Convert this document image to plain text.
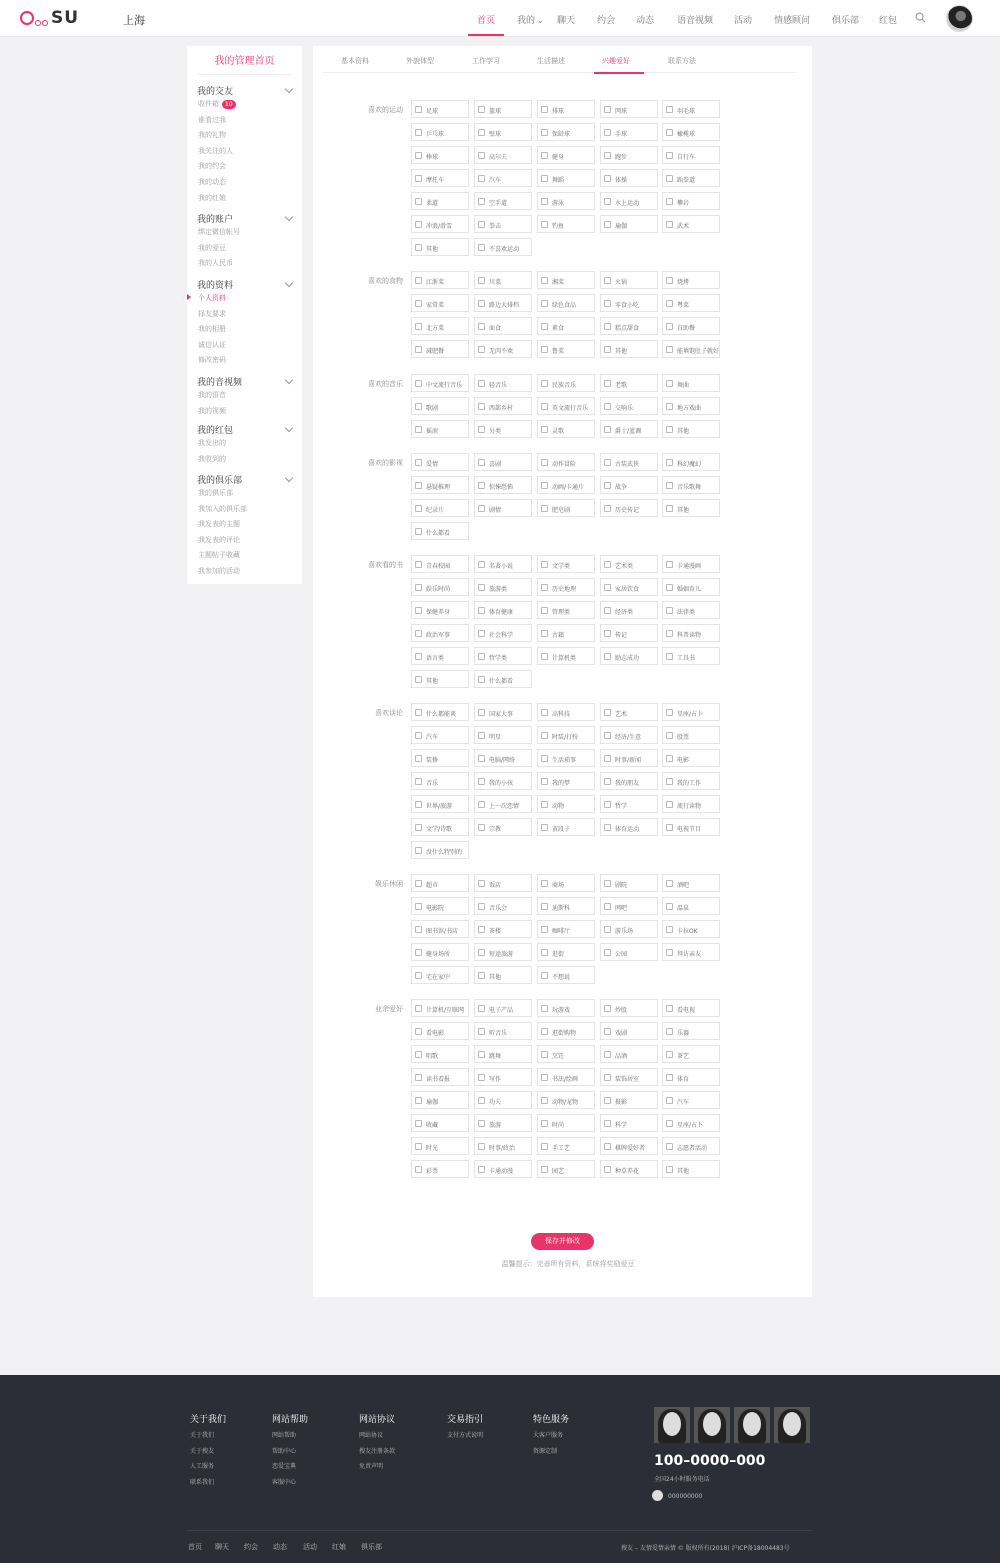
SU	上海	首页 我的 ⌄ 聊天 约会 动态	语音视频 活动 情感顾问 俱乐部 红包
我的管理首页
我的交友
收件箱 10
谁看过我
我的礼物
我关注的人
我的约会
我的动态
我的红娘
我的账户
绑定微信帐号
我的爱豆
我的人民币
我的资料
个人资料
择友要求
我的相册
诚信认证
修改密码
我的音视频
我的语音
我的视频
我的红包
我发出的
我收到的
我的俱乐部
我的俱乐部
我加入的俱乐部
我发表的主题
我发表的评论
主题帖子收藏
我参加的活动
基本资料	外貌体型	工作学习	生活描述	兴趣爱好	联系方法
喜欢的运动	足球	篮球	排球	网球	羽毛球
乒乓球	壁球	保龄球	手球	橄榄球
棒球	高尔夫	健身	跑步	自行车
摩托车	汽车	舞蹈	体操	跆拳道
柔道	空手道	游泳	水上运动	攀岩
冲浪/滑雪	拳击	钓鱼	瑜伽	武术
其他	不喜欢运动
喜欢的食物	江浙菜	川菜	湘菜	火锅	烧烤
家常菜	路边大排档	绿色食品	零食小吃	粤菜
北方菜	面食	素食	糕点甜食	自助餐
减肥餐	无肉不欢	鲁菜	其他	能填饱肚子就好
喜欢的音乐	中文流行音乐	轻音乐	民族音乐	老歌	舞曲
歌剧	西部乡村	英文流行音乐	交响乐	地方戏曲
摇滚	另类	灵歌	爵士/蓝调	其他
喜欢的影视	爱情	喜剧	动作冒险	古装武侠	科幻魔幻
悬疑推理	惊悚恐怖	动画/卡通片	战争	音乐歌舞
纪录片	剧情	肥皂剧	历史传记	其他
什么都看
喜欢看的书	青春校园	名著小说	文学类	艺术类	卡通漫画
娱乐时尚	旅游类	历史地理	家居饮食	婚姻育儿
保健养身	体育健康	管理类	经济类	法律类
政治军事	社会科学	古籍	传记	科普读物
语言类	哲学类	计算机类	励志成功	工具书
其他	什么都看
喜欢谈论	什么都能谈	国家大事	高科技	艺术	星座/占卜
汽车	明星	时装/打扮	经济/生意	股票
装修	电脑/网络	生活琐事	时事/新闻	电影
音乐	我的小孩	我的梦	我的朋友	我的工作
世界/旅游	上一次恋情	动物	哲学	流行读物
文学/诗歌	宗教	黄段子	体育运动	电视节目
没什么特别的
娱乐休闲	超市	饭店	商场	剧院	酒吧
电影院	音乐会	迪斯科	网吧	温泉
图书馆/书店	茶楼	咖啡厅	游乐场	卡拉OK
健身场所	短途旅游	逛街	公园	拜访亲友
宅在家中	其他	不想说
业余爱好	计算机/互联网	电子产品	玩游戏	炒股	看电视
看电影	听音乐	逛街购物	戏剧	乐器
唱歌	跳舞	烹饪	品酒	茶艺
读书看报	写作	书法/绘画	装饰居室	体育
瑜伽	功夫	动物/宠物	摄影	汽车
收藏	旅游	时尚	科学	星座/占卜
时光	时事/政治	手工艺	棋牌爱好者	志愿者活动
彩票	卡通动漫	园艺	种草养花	其他
保存并修改
温馨提示：完善所有资料，系统将奖励爱豆
关于我们
关于我们
关于搜友
人工服务
联系我们
网站帮助
网站帮助
帮助中心
恋爱宝典
客服中心
网站协议
网站协议
搜友注册条款
免责声明
交易指引
支付方式说明
特色服务
大客户服务
资源定制
100–0000–000
全国24小时服务电话
000000000
首页 聊天 约会 动态 活动 红娘 俱乐部	搜友 – 友情爱情亲情 © 版权所有(2018) 沪ICP备18004483号
